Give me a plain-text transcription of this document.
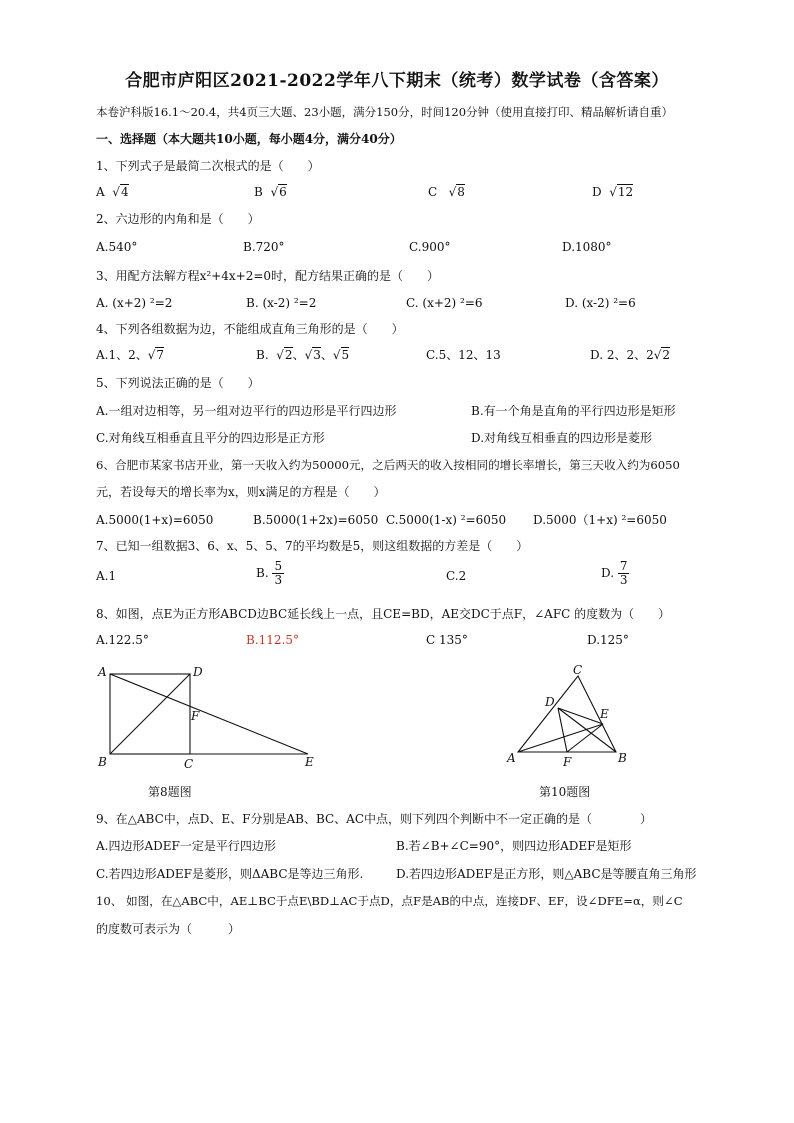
合肥市庐阳区2021-2022学年八下期末（统考）数学试卷（含答案）
本卷沪科版16.1～20.4，共4页三大题、23小题，满分150分，时间120分钟（使用直接打印、精品解析请自重）
一、选择题（本大题共10小题，每小题4分，满分40分）
1、下列式子是最简二次根式的是（　　）
A  √4	B  √6	C   √8	D  √12
2、六边形的内角和是（　　）
A.540°	B.720°	C.900°	D.1080°
3、用配方法解方程x²+4x+2=0时，配方结果正确的是（　　）
A. (x+2) ²=2	B. (x-2) ²=2	C. (x+2) ²=6	D. (x-2) ²=6
4、下列各组数据为边，不能组成直角三角形的是（　　）
A.1、2、√7	B.  √2、√3、√5	C.5、12、13	D. 2、2、2√2
5、下列说法正确的是（　　）
A.一组对边相等，另一组对边平行的四边形是平行四边形	B.有一个角是直角的平行四边形是矩形
C.对角线互相垂直且平分的四边形是正方形	D.对角线互相垂直的四边形是菱形
6、合肥市某家书店开业，第一天收入约为50000元，之后两天的收入按相同的增长率增长，第三天收入约为6050
元，若设每天的增长率为x，则x满足的方程是（　　）
A.5000(1+x)=6050	B.5000(1+2x)=6050 C.5000(1-x) ²=6050 D.5000（1+x) ²=6050
7、已知一组数据3、6、x、5、5、7的平均数是5，则这组数据的方差是（　　）
A.1	B. $\frac{5}{3}$	C.2	D. $\frac{7}{3}$
8、如图，点E为正方形ABCD边BC延长线上一点，且CE=BD，AE交DC于点F，∠AFC 的度数为（　　）
A.122.5°	B.112.5°	C 135°	D.125°
A	D
F
B	C	E
第8题图
C
D
E
A	F	B
第10题图
9、在△ABC中，点D、E、F分别是AB、BC、AC中点，则下列四个判断中不一定正确的是（　　　　）
A.四边形ADEF一定是平行四边形	B.若∠B+∠C=90°，则四边形ADEF是矩形
C.若四边形ADEF是菱形，则ΔABC是等边三角形.	D.若四边形ADEF是正方形，则△ABC是等腰直角三角形
10、 如图，在△ABC中，AE⊥BC于点E\BD⊥AC于点D，点F是AB的中点，连接DF、EF，设∠DFE=α，则∠C
的度数可表示为（　　　）
